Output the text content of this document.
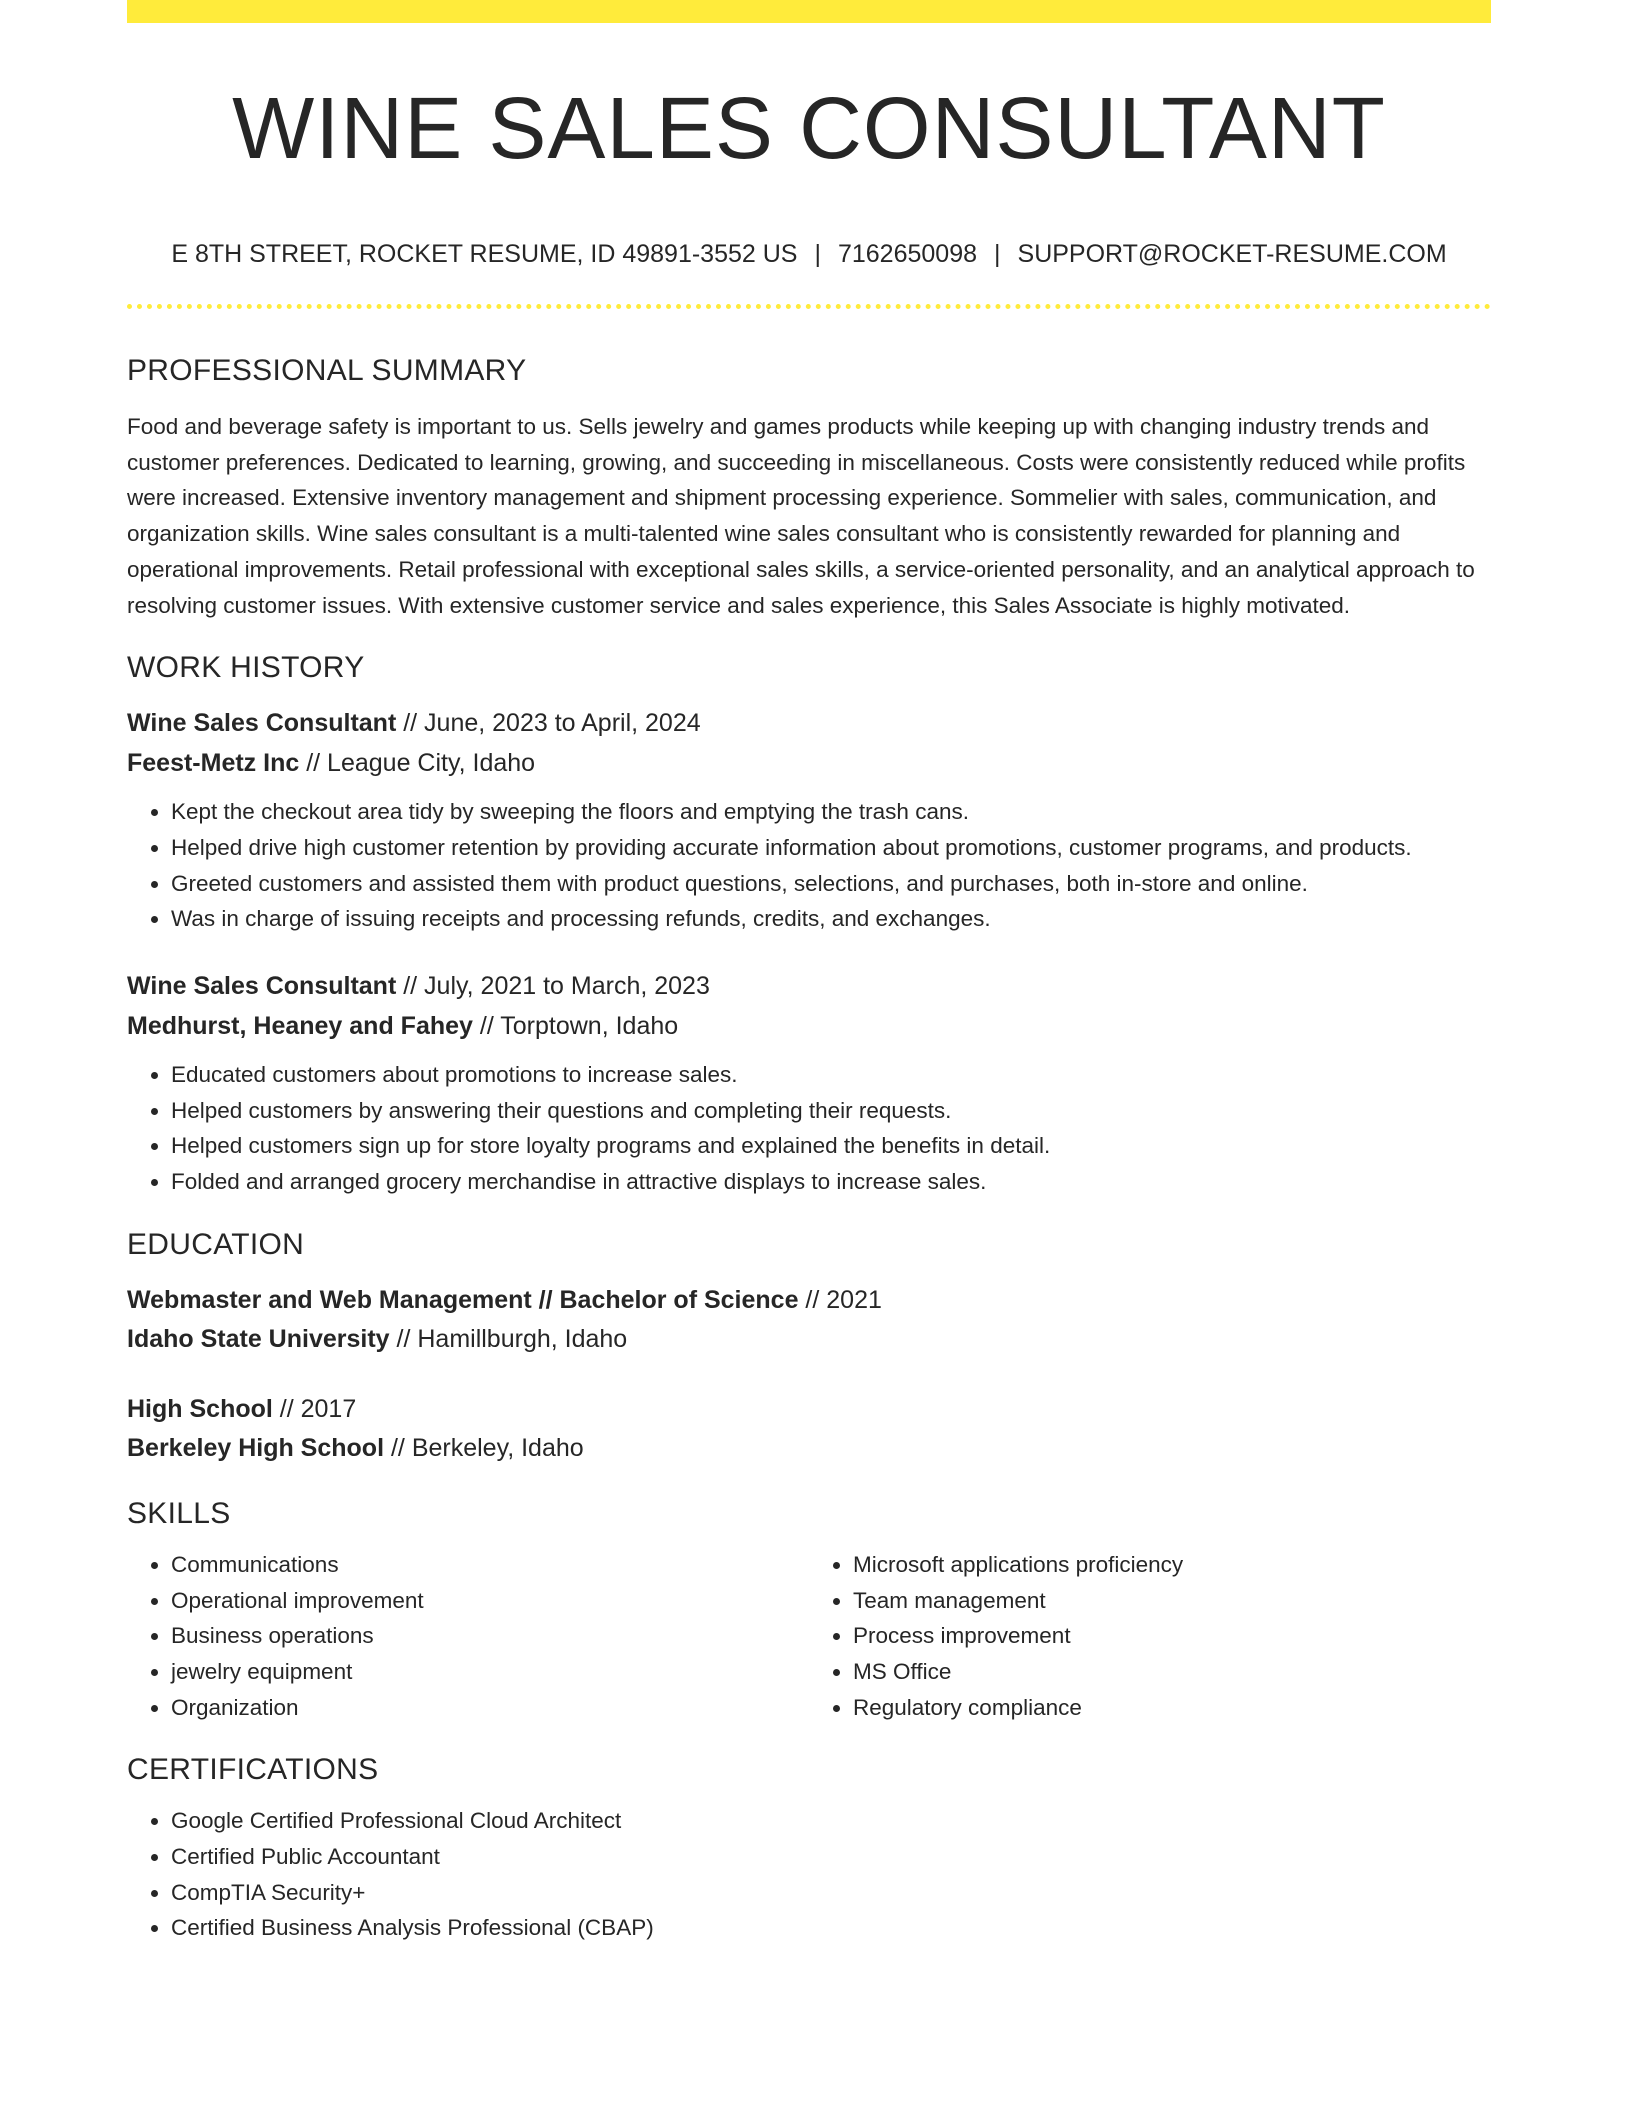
WINE SALES CONSULTANT
E 8TH STREET, ROCKET RESUME, ID 49891-3552 US | 7162650098 | SUPPORT@ROCKET-RESUME.COM
PROFESSIONAL SUMMARY

Food and beverage safety is important to us. Sells jewelry and games products while keeping up with changing industry trends and customer preferences. Dedicated to learning, growing, and succeeding in miscellaneous. Costs were consistently reduced while profits were increased. Extensive inventory management and shipment processing experience. Sommelier with sales, communication, and organization skills. Wine sales consultant is a multi-talented wine sales consultant who is consistently rewarded for planning and operational improvements. Retail professional with exceptional sales skills, a service-oriented personality, and an analytical approach to resolving customer issues. With extensive customer service and sales experience, this Sales Associate is highly motivated.

WORK HISTORY
Wine Sales Consultant // June, 2023 to April, 2024
Feest-Metz Inc // League City, Idaho
• Kept the checkout area tidy by sweeping the floors and emptying the trash cans.
• Helped drive high customer retention by providing accurate information about promotions, customer programs, and products.
• Greeted customers and assisted them with product questions, selections, and purchases, both in-store and online.
• Was in charge of issuing receipts and processing refunds, credits, and exchanges.
Wine Sales Consultant // July, 2021 to March, 2023
Medhurst, Heaney and Fahey // Torptown, Idaho
• Educated customers about promotions to increase sales.
• Helped customers by answering their questions and completing their requests.
• Helped customers sign up for store loyalty programs and explained the benefits in detail.
• Folded and arranged grocery merchandise in attractive displays to increase sales.
EDUCATION
Webmaster and Web Management // Bachelor of Science // 2021
Idaho State University // Hamillburgh, Idaho
High School // 2017
Berkeley High School // Berkeley, Idaho
SKILLS
• Communications
• Operational improvement
• Business operations
• jewelry equipment
• Organization
• Microsoft applications proficiency
• Team management
• Process improvement
• MS Office
• Regulatory compliance
CERTIFICATIONS
• Google Certified Professional Cloud Architect
• Certified Public Accountant
• CompTIA Security+
• Certified Business Analysis Professional (CBAP)
